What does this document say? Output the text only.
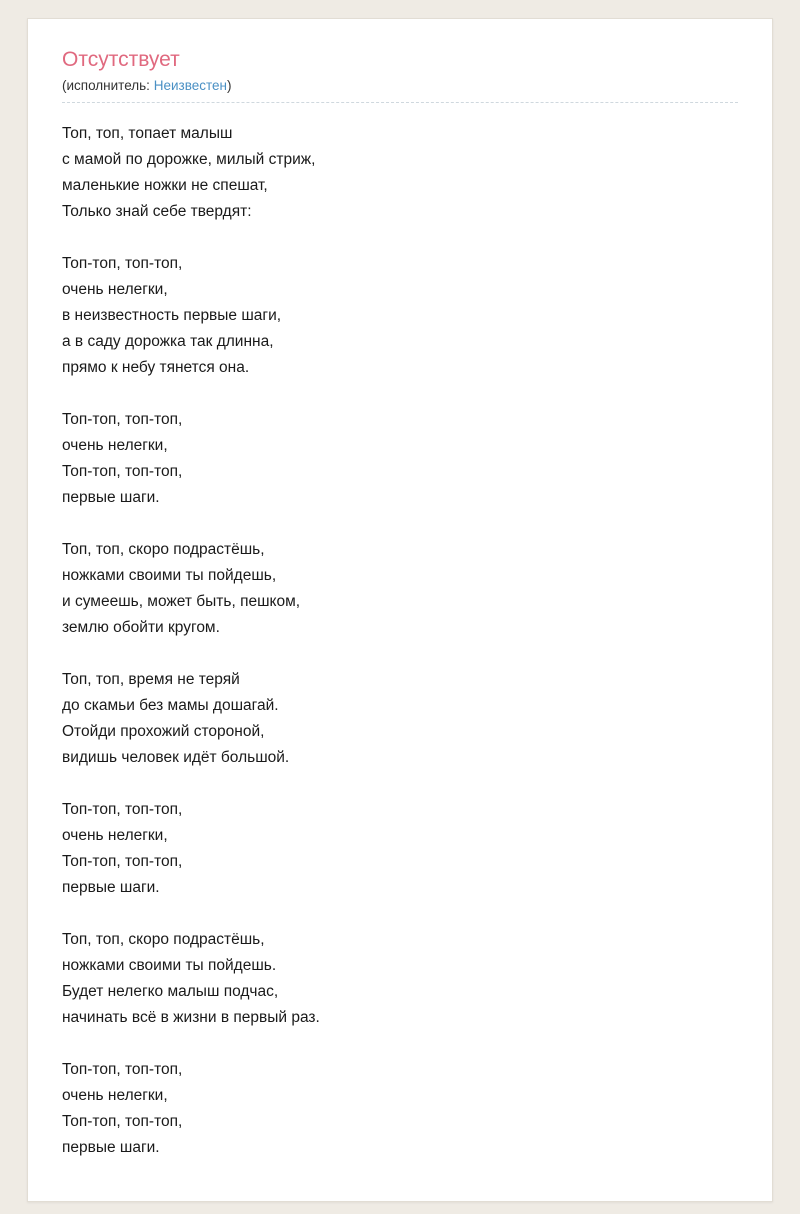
Отсутствует
(исполнитель: Неизвестен)

Топ, топ, топает малыш
с мамой по дорожке, милый стриж,
маленькие ножки не спешат,
Только знай себе твердят:

Топ-топ, топ-топ,
очень нелегки,
в неизвестность первые шаги,
а в саду дорожка так длинна,
прямо к небу тянется она.

Топ-топ, топ-топ,
очень нелегки,
Топ-топ, топ-топ,
первые шаги.

Топ, топ, скоро подрастёшь,
ножками своими ты пойдешь,
и сумеешь, может быть, пешком,
землю обойти кругом.

Топ, топ, время не теряй
до скамьи без мамы дошагай.
Отойди прохожий стороной,
видишь человек идёт большой.

Топ-топ, топ-топ,
очень нелегки,
Топ-топ, топ-топ,
первые шаги.

Топ, топ, скоро подрастёшь,
ножками своими ты пойдешь.
Будет нелегко малыш подчас,
начинать всё в жизни в первый раз.

Топ-топ, топ-топ,
очень нелегки,
Топ-топ, топ-топ,
первые шаги.
